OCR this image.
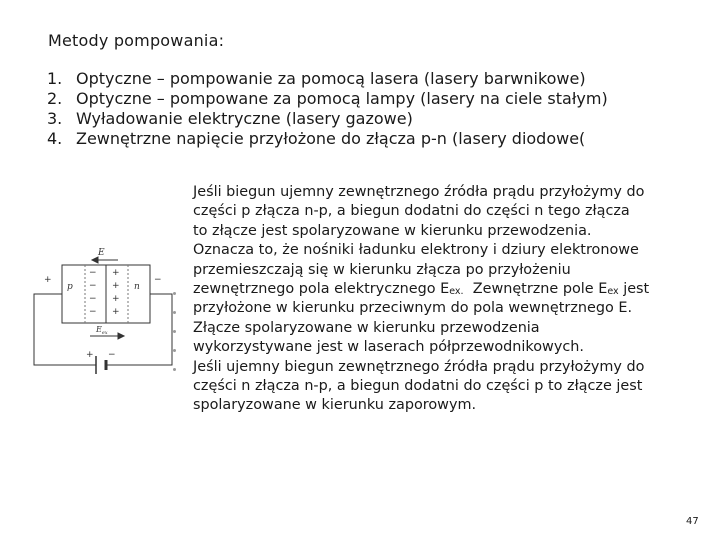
Metody pompowania:
1. Optyczne – pompowanie za pomocą lasera (lasery barwnikowe)
2. Optyczne – pompowane za pomocą lampy (lasery na ciele stałym)
3. Wyładowanie elektryczne (lasery gazowe)
4. Zewnętrzne napięcie przyłożone do złącza p-n (lasery diodowe(
E
p	n
−
−
−
−
+
+
+
+
+	−
+ −
$E_{ex}$
Jeśli biegun ujemny zewnętrznego źródła prądu przyłożymy do
części p złącza n-p, a biegun dodatni do części n tego złącza
to złącze jest spolaryzowane w kierunku przewodzenia.
Oznacza to, że nośniki ładunku elektrony i dziury elektronowe
przemieszczają się w kierunku złącza po przyłożeniu
zewnętrznego pola elektrycznego $E_{ex.}$  Zewnętrzne pole $E_{ex}$ jest
przyłożone w kierunku przeciwnym do pola wewnętrznego E.
Złącze spolaryzowane w kierunku przewodzenia
wykorzystywane jest w laserach półprzewodnikowych.
Jeśli ujemny biegun zewnętrznego źródła prądu przyłożymy do
części n złącza n-p, a biegun dodatni do części p to złącze jest
spolaryzowane w kierunku zaporowym.
47
